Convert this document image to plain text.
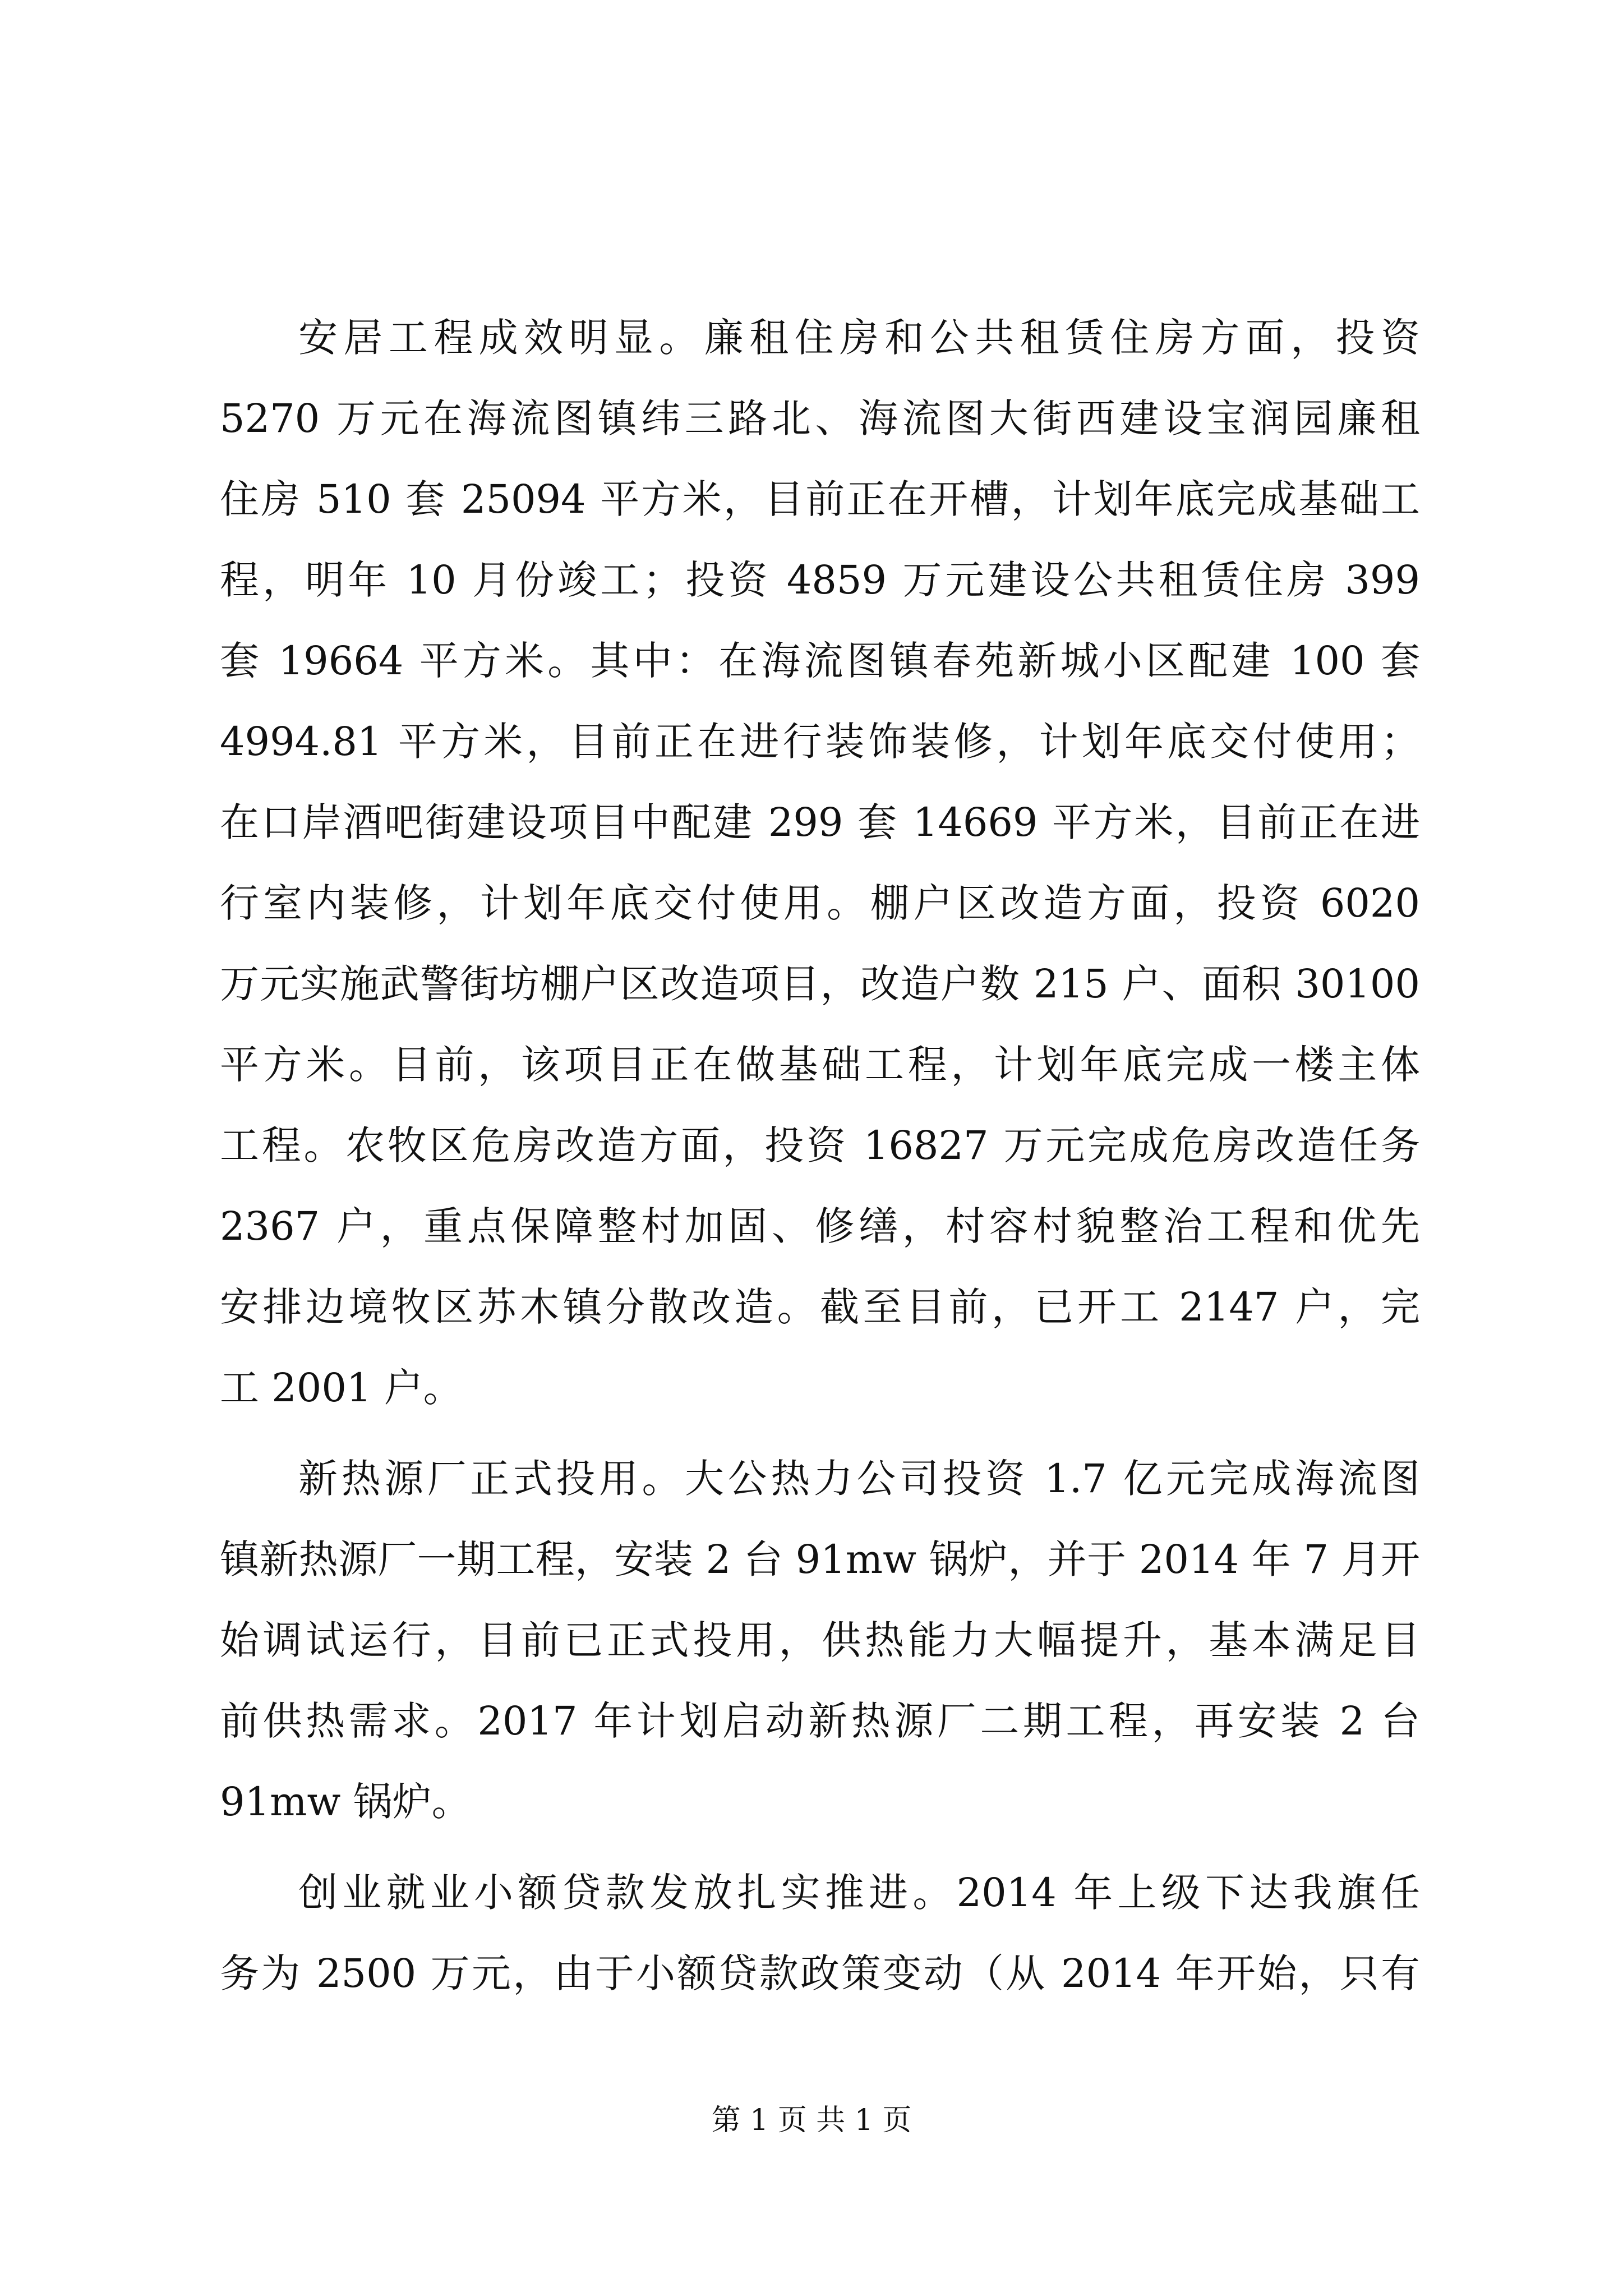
安居工程成效明显。廉租住房和公共租赁住房方面，投资
5270 万元在海流图镇纬三路北、海流图大街西建设宝润园廉租
住房 510 套 25094 平方米，目前正在开槽，计划年底完成基础工
程，明年 10 月份竣工；投资 4859 万元建设公共租赁住房 399
套 19664 平方米。其中：在海流图镇春苑新城小区配建 100 套
4994.81 平方米，目前正在进行装饰装修，计划年底交付使用；
在口岸酒吧街建设项目中配建 299 套 14669 平方米，目前正在进
行室内装修，计划年底交付使用。棚户区改造方面，投资 6020
万元实施武警街坊棚户区改造项目，改造户数 215 户、面积 30100
平方米。目前，该项目正在做基础工程，计划年底完成一楼主体
工程。农牧区危房改造方面，投资 16827 万元完成危房改造任务
2367 户，重点保障整村加固、修缮，村容村貌整治工程和优先
安排边境牧区苏木镇分散改造。截至目前，已开工 2147 户，完
工 2001 户。
新热源厂正式投用。大公热力公司投资 1.7 亿元完成海流图
镇新热源厂一期工程，安装 2 台 91mw 锅炉，并于 2014 年 7 月开
始调试运行，目前已正式投用，供热能力大幅提升，基本满足目
前供热需求。2017 年计划启动新热源厂二期工程，再安装 2 台
91mw 锅炉。
创业就业小额贷款发放扎实推进。2014 年上级下达我旗任
务为 2500 万元，由于小额贷款政策变动（从 2014 年开始，只有
第 1 页 共 1 页
